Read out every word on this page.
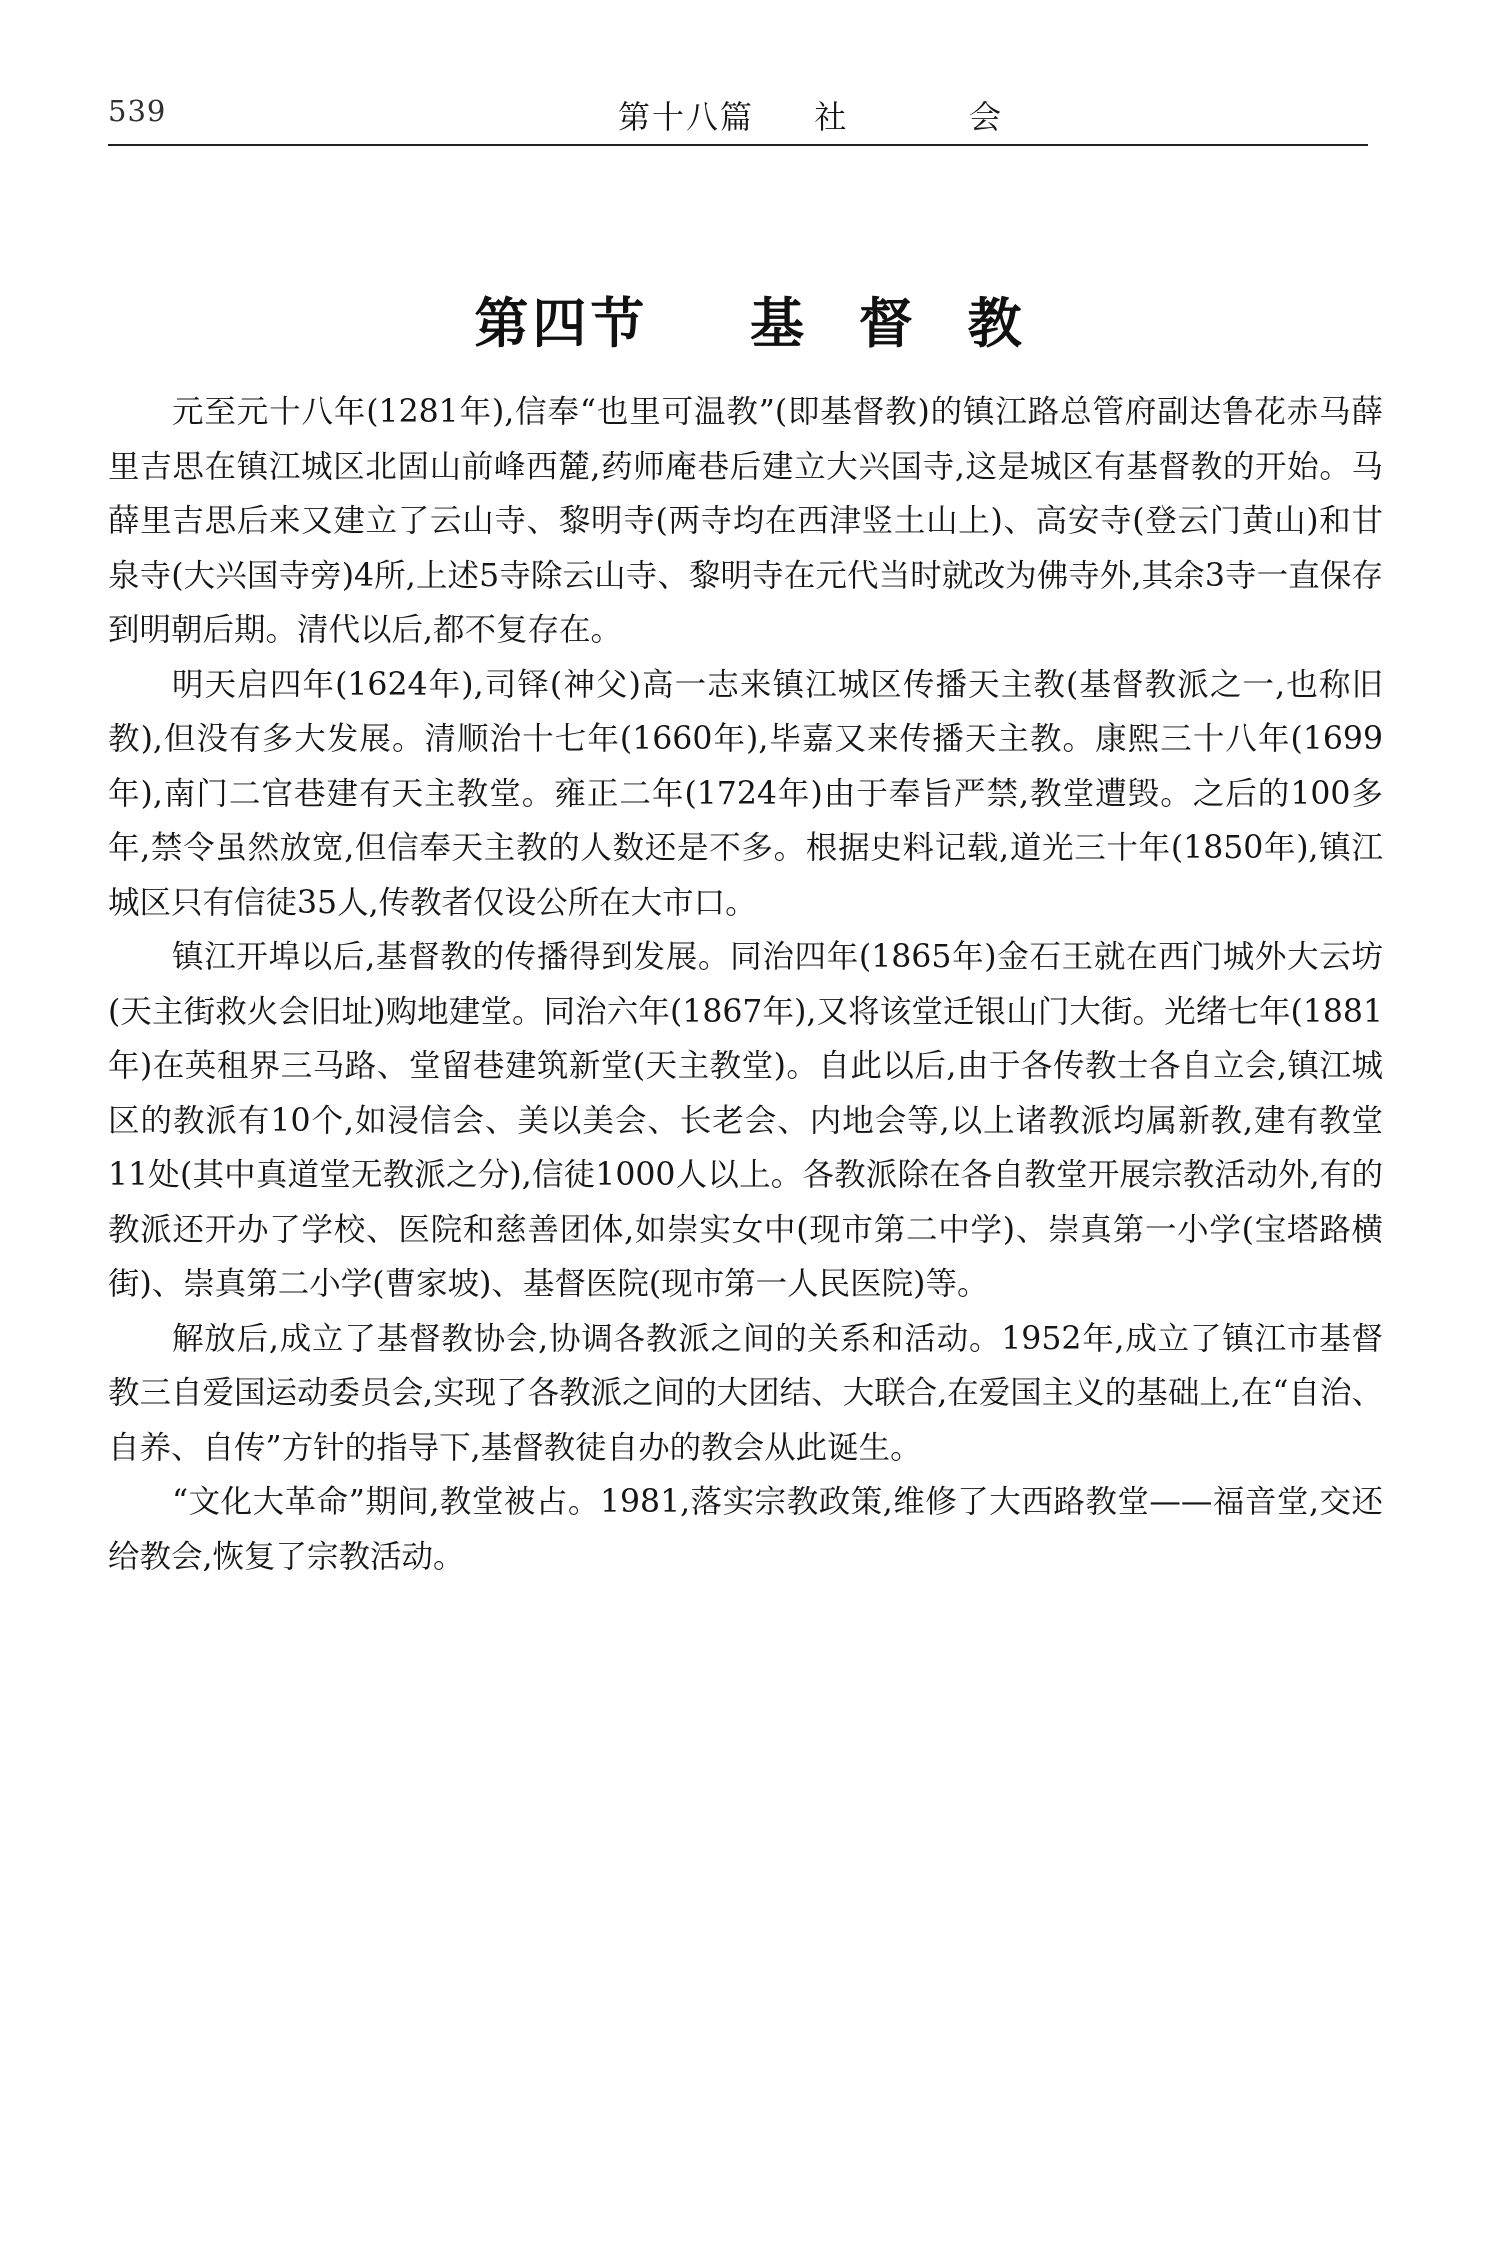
539	第十八篇  社    会
第四节  基 督 教

元至元十八年(1281年),信奉“也里可温教”(即基督教)的镇江路总管府副达鲁花赤马薛里吉思在镇江城区北固山前峰西麓,药师庵巷后建立大兴国寺,这是城区有基督教的开始。马薛里吉思后来又建立了云山寺、黎明寺(两寺均在西津竖土山上)、高安寺(登云门黄山)和甘泉寺(大兴国寺旁)4所,上述5寺除云山寺、黎明寺在元代当时就改为佛寺外,其余3寺一直保存到明朝后期。清代以后,都不复存在。

明天启四年(1624年),司铎(神父)高一志来镇江城区传播天主教(基督教派之一,也称旧教),但没有多大发展。清顺治十七年(1660年),毕嘉又来传播天主教。康熙三十八年(1699年),南门二官巷建有天主教堂。雍正二年(1724年)由于奉旨严禁,教堂遭毁。之后的100多年,禁令虽然放宽,但信奉天主教的人数还是不多。根据史料记载,道光三十年(1850年),镇江城区只有信徒35人,传教者仅设公所在大市口。

镇江开埠以后,基督教的传播得到发展。同治四年(1865年)金石王就在西门城外大云坊(天主街救火会旧址)购地建堂。同治六年(1867年),又将该堂迁银山门大街。光绪七年(1881年)在英租界三马路、堂留巷建筑新堂(天主教堂)。自此以后,由于各传教士各自立会,镇江城区的教派有10个,如浸信会、美以美会、长老会、内地会等,以上诸教派均属新教,建有教堂11处(其中真道堂无教派之分),信徒1000人以上。各教派除在各自教堂开展宗教活动外,有的教派还开办了学校、医院和慈善团体,如崇实女中(现市第二中学)、崇真第一小学(宝塔路横街)、崇真第二小学(曹家坡)、基督医院(现市第一人民医院)等。

解放后,成立了基督教协会,协调各教派之间的关系和活动。1952年,成立了镇江市基督教三自爱国运动委员会,实现了各教派之间的大团结、大联合,在爱国主义的基础上,在“自治、自养、自传”方针的指导下,基督教徒自办的教会从此诞生。

“文化大革命”期间,教堂被占。1981,落实宗教政策,维修了大西路教堂——福音堂,交还给教会,恢复了宗教活动。
